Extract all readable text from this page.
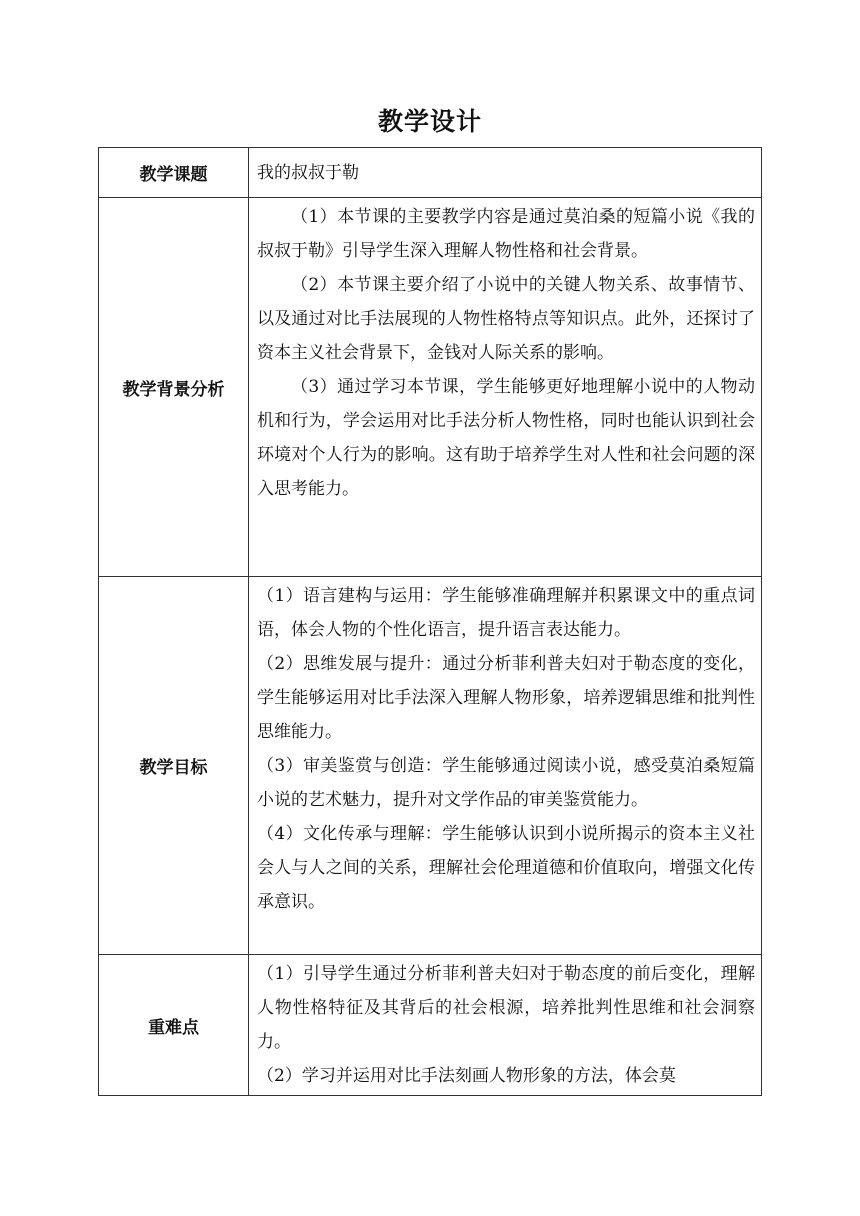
教学设计
教学课题	我的叔叔于勒
教学背景分析	（1）本节课的主要教学内容是通过莫泊桑的短篇小说《我的叔叔于勒》引导学生深入理解人物性格和社会背景。

（2）本节课主要介绍了小说中的关键人物关系、故事情节、以及通过对比手法展现的人物性格特点等知识点。此外，还探讨了资本主义社会背景下，金钱对人际关系的影响。

（3）通过学习本节课，学生能够更好地理解小说中的人物动机和行为，学会运用对比手法分析人物性格，同时也能认识到社会环境对个人行为的影响。这有助于培养学生对人性和社会问题的深入思考能力。

教学目标	（1）语言建构与运用：学生能够准确理解并积累课文中的重点词语，体会人物的个性化语言，提升语言表达能力。

（2）思维发展与提升：通过分析菲利普夫妇对于勒态度的变化，学生能够运用对比手法深入理解人物形象，培养逻辑思维和批判性思维能力。

（3）审美鉴赏与创造：学生能够通过阅读小说，感受莫泊桑短篇小说的艺术魅力，提升对文学作品的审美鉴赏能力。

（4）文化传承与理解：学生能够认识到小说所揭示的资本主义社会人与人之间的关系，理解社会伦理道德和价值取向，增强文化传承意识。

重难点	（1）引导学生通过分析菲利普夫妇对于勒态度的前后变化，理解人物性格特征及其背后的社会根源，培养批判性思维和社会洞察力。

（2）学习并运用对比手法刻画人物形象的方法，体会莫
